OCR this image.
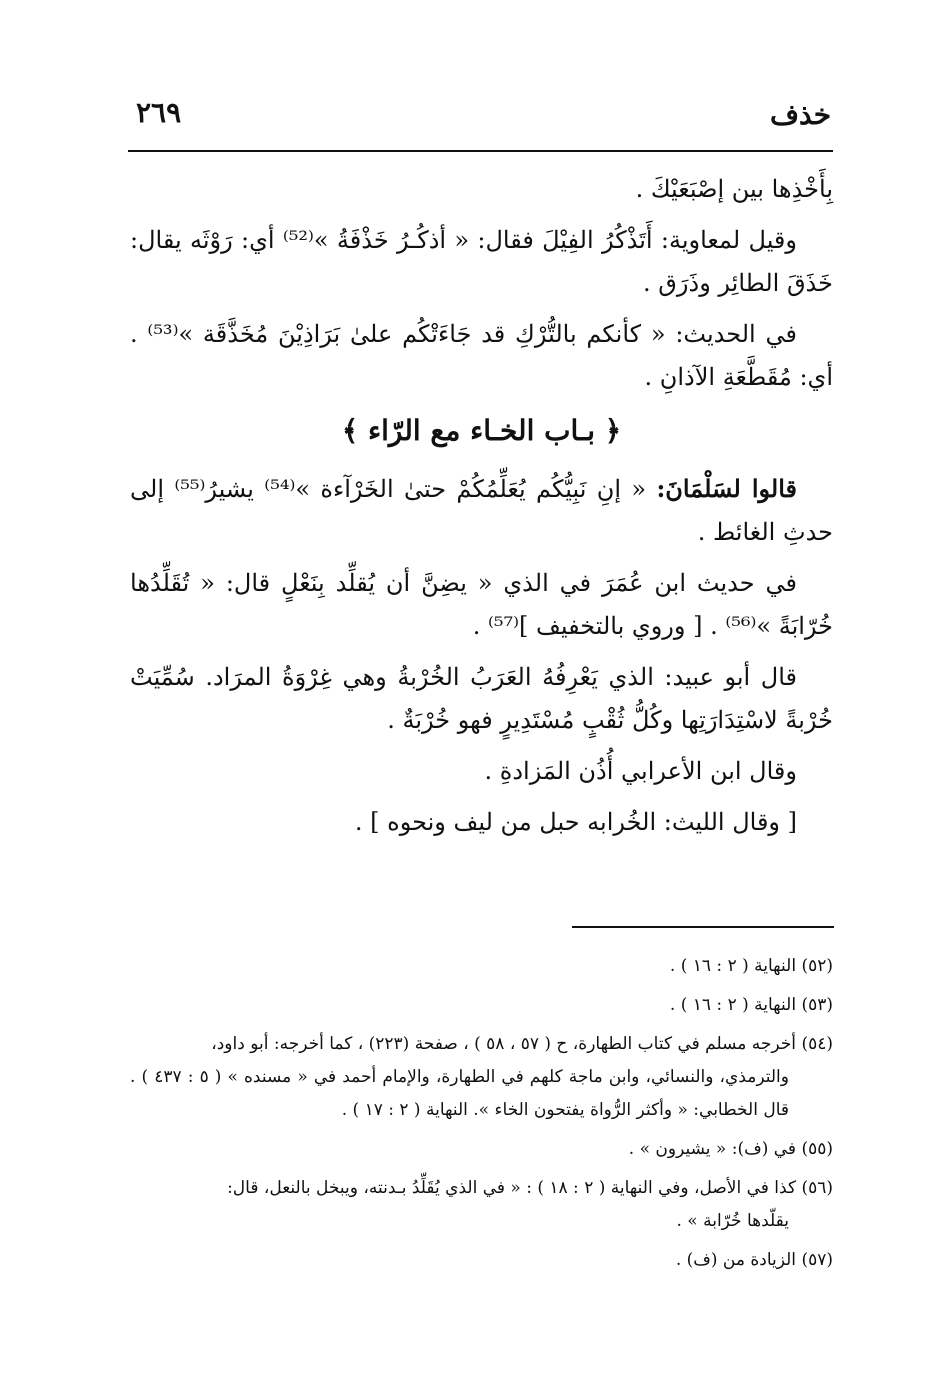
٢٦٩	خذف

بِأَخْذِها بين إصْبَعَيْكَ .

وقيل لمعاوية: أَتَذْكُرُ الفِيْلَ فقال: « أذكُـرُ خَذْفَةُ »⁽⁵²⁾ أي: رَوْثَه يقال: خَذَقَ الطائِر وذَرَق .

في الحديث: « كأنكم بالتُّرْكِ قد جَاءَتْكُم علىٰ بَرَاذِيْنَ مُخَذَّقَة »⁽⁵³⁾ . أي: مُقَطَّعَةِ الآذانِ .

﴿ بـاب الخـاء مع الرّاء ﴾

قالوا لسَلْمَانَ: « إنِ نَبِيُّكُم يُعَلِّمُكُمْ حتىٰ الخَرْآءة »⁽⁵⁴⁾ يشيرُ⁽⁵⁵⁾ إلى حدثِ الغائط .

في حديث ابن عُمَرَ في الذي « يضِنَّ أن يُقلِّد بِنَعْلٍ قال: « تُقَلِّدُها خُرّابَةً »⁽⁵⁶⁾ . [ وروي بالتخفيف ]⁽⁵⁷⁾ .

قال أبو عبيد: الذي يَعْرِفُهُ العَرَبُ الخُرْبةُ وهي غِرْوَةُ المرَاد. سُمِّيَتْ خُرْبةً لاسْتِدَارَتِها وكُلُّ ثُقْبٍ مُسْتَدِيرٍ فهو خُرْبَةٌ .

وقال ابن الأعرابي أُذُن المَزادةِ .

[ وقال الليث: الخُرابه حبل من ليف ونحوه ] .

(٥٢) النهاية ( ٢ : ١٦ ) .
(٥٣) النهاية ( ٢ : ١٦ ) .
(٥٤) أخرجه مسلم في كتاب الطهارة، ح ( ٥٧ ، ٥٨ ) ، صفحة (٢٢٣) ، كما أخرجه: أبو داود،
والترمذي، والنسائي، وابن ماجة كلهم في الطهارة، والإمام أحمد في « مسنده » ( ٥ : ٤٣٧ ) . قال الخطابي: « وأكثر الرُّواة يفتحون الخاء ». النهاية ( ٢ : ١٧ ) .
(٥٥) في (ف): « يشيرون » .
(٥٦) كذا في الأصل، وفي النهاية ( ٢ : ١٨ ) : « في الذي يُقَلِّدُ بـدنته، ويبخل بالنعل، قال:
يقلّدها خُرّابة » .
(٥٧) الزيادة من (ف) .
